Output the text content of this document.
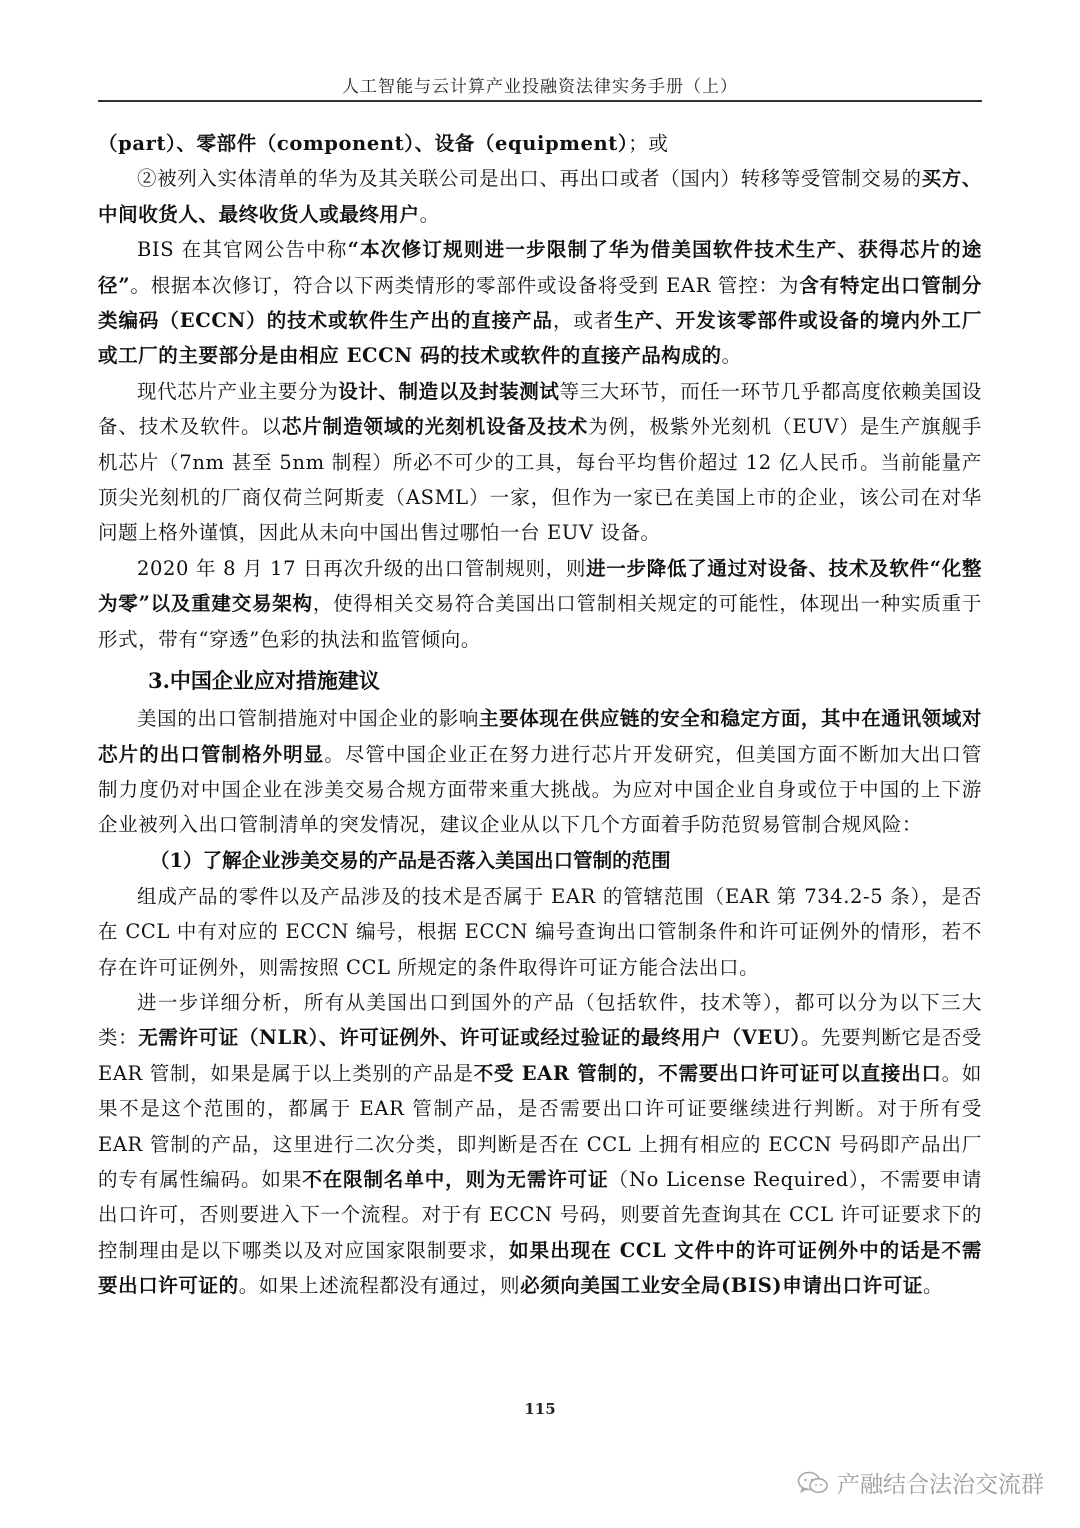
人工智能与云计算产业投融资法律实务手册（上）

（part）、零部件（component）、设备（equipment）；或

②被列入实体清单的华为及其关联公司是出口、再出口或者（国内）转移等受管制交易的买方、中间收货人、最终收货人或最终用户。

BIS 在其官网公告中称“本次修订规则进一步限制了华为借美国软件技术生产、获得芯片的途径”。根据本次修订，符合以下两类情形的零部件或设备将受到 EAR 管控：为含有特定出口管制分类编码（ECCN）的技术或软件生产出的直接产品，或者生产、开发该零部件或设备的境内外工厂或工厂的主要部分是由相应 ECCN 码的技术或软件的直接产品构成的。

现代芯片产业主要分为设计、制造以及封装测试等三大环节，而任一环节几乎都高度依赖美国设备、技术及软件。以芯片制造领域的光刻机设备及技术为例，极紫外光刻机（EUV）是生产旗舰手机芯片（7nm 甚至 5nm 制程）所必不可少的工具，每台平均售价超过 12 亿人民币。当前能量产顶尖光刻机的厂商仅荷兰阿斯麦（ASML）一家，但作为一家已在美国上市的企业，该公司在对华问题上格外谨慎，因此从未向中国出售过哪怕一台 EUV 设备。

2020 年 8 月 17 日再次升级的出口管制规则，则进一步降低了通过对设备、技术及软件“化整为零”以及重建交易架构，使得相关交易符合美国出口管制相关规定的可能性，体现出一种实质重于形式，带有“穿透”色彩的执法和监管倾向。

3.中国企业应对措施建议

美国的出口管制措施对中国企业的影响主要体现在供应链的安全和稳定方面，其中在通讯领域对芯片的出口管制格外明显。尽管中国企业正在努力进行芯片开发研究，但美国方面不断加大出口管制力度仍对中国企业在涉美交易合规方面带来重大挑战。为应对中国企业自身或位于中国的上下游企业被列入出口管制清单的突发情况，建议企业从以下几个方面着手防范贸易管制合规风险：

（1）了解企业涉美交易的产品是否落入美国出口管制的范围

组成产品的零件以及产品涉及的技术是否属于 EAR 的管辖范围（EAR 第 734.2-5 条），是否在 CCL 中有对应的 ECCN 编号，根据 ECCN 编号查询出口管制条件和许可证例外的情形，若不存在许可证例外，则需按照 CCL 所规定的条件取得许可证方能合法出口。

进一步详细分析，所有从美国出口到国外的产品（包括软件，技术等），都可以分为以下三大类：无需许可证（NLR）、许可证例外、许可证或经过验证的最终用户（VEU）。先要判断它是否受 EAR 管制，如果是属于以上类别的产品是不受 EAR 管制的，不需要出口许可证可以直接出口。如果不是这个范围的，都属于 EAR 管制产品，是否需要出口许可证要继续进行判断。对于所有受 EAR 管制的产品，这里进行二次分类，即判断是否在 CCL 上拥有相应的 ECCN 号码即产品出厂的专有属性编码。如果不在限制名单中，则为无需许可证（No License Required），不需要申请出口许可，否则要进入下一个流程。对于有 ECCN 号码，则要首先查询其在 CCL 许可证要求下的控制理由是以下哪类以及对应国家限制要求，如果出现在 CCL 文件中的许可证例外中的话是不需要出口许可证的。如果上述流程都没有通过，则必须向美国工业安全局(BIS)申请出口许可证。

115
产融结合法治交流群
